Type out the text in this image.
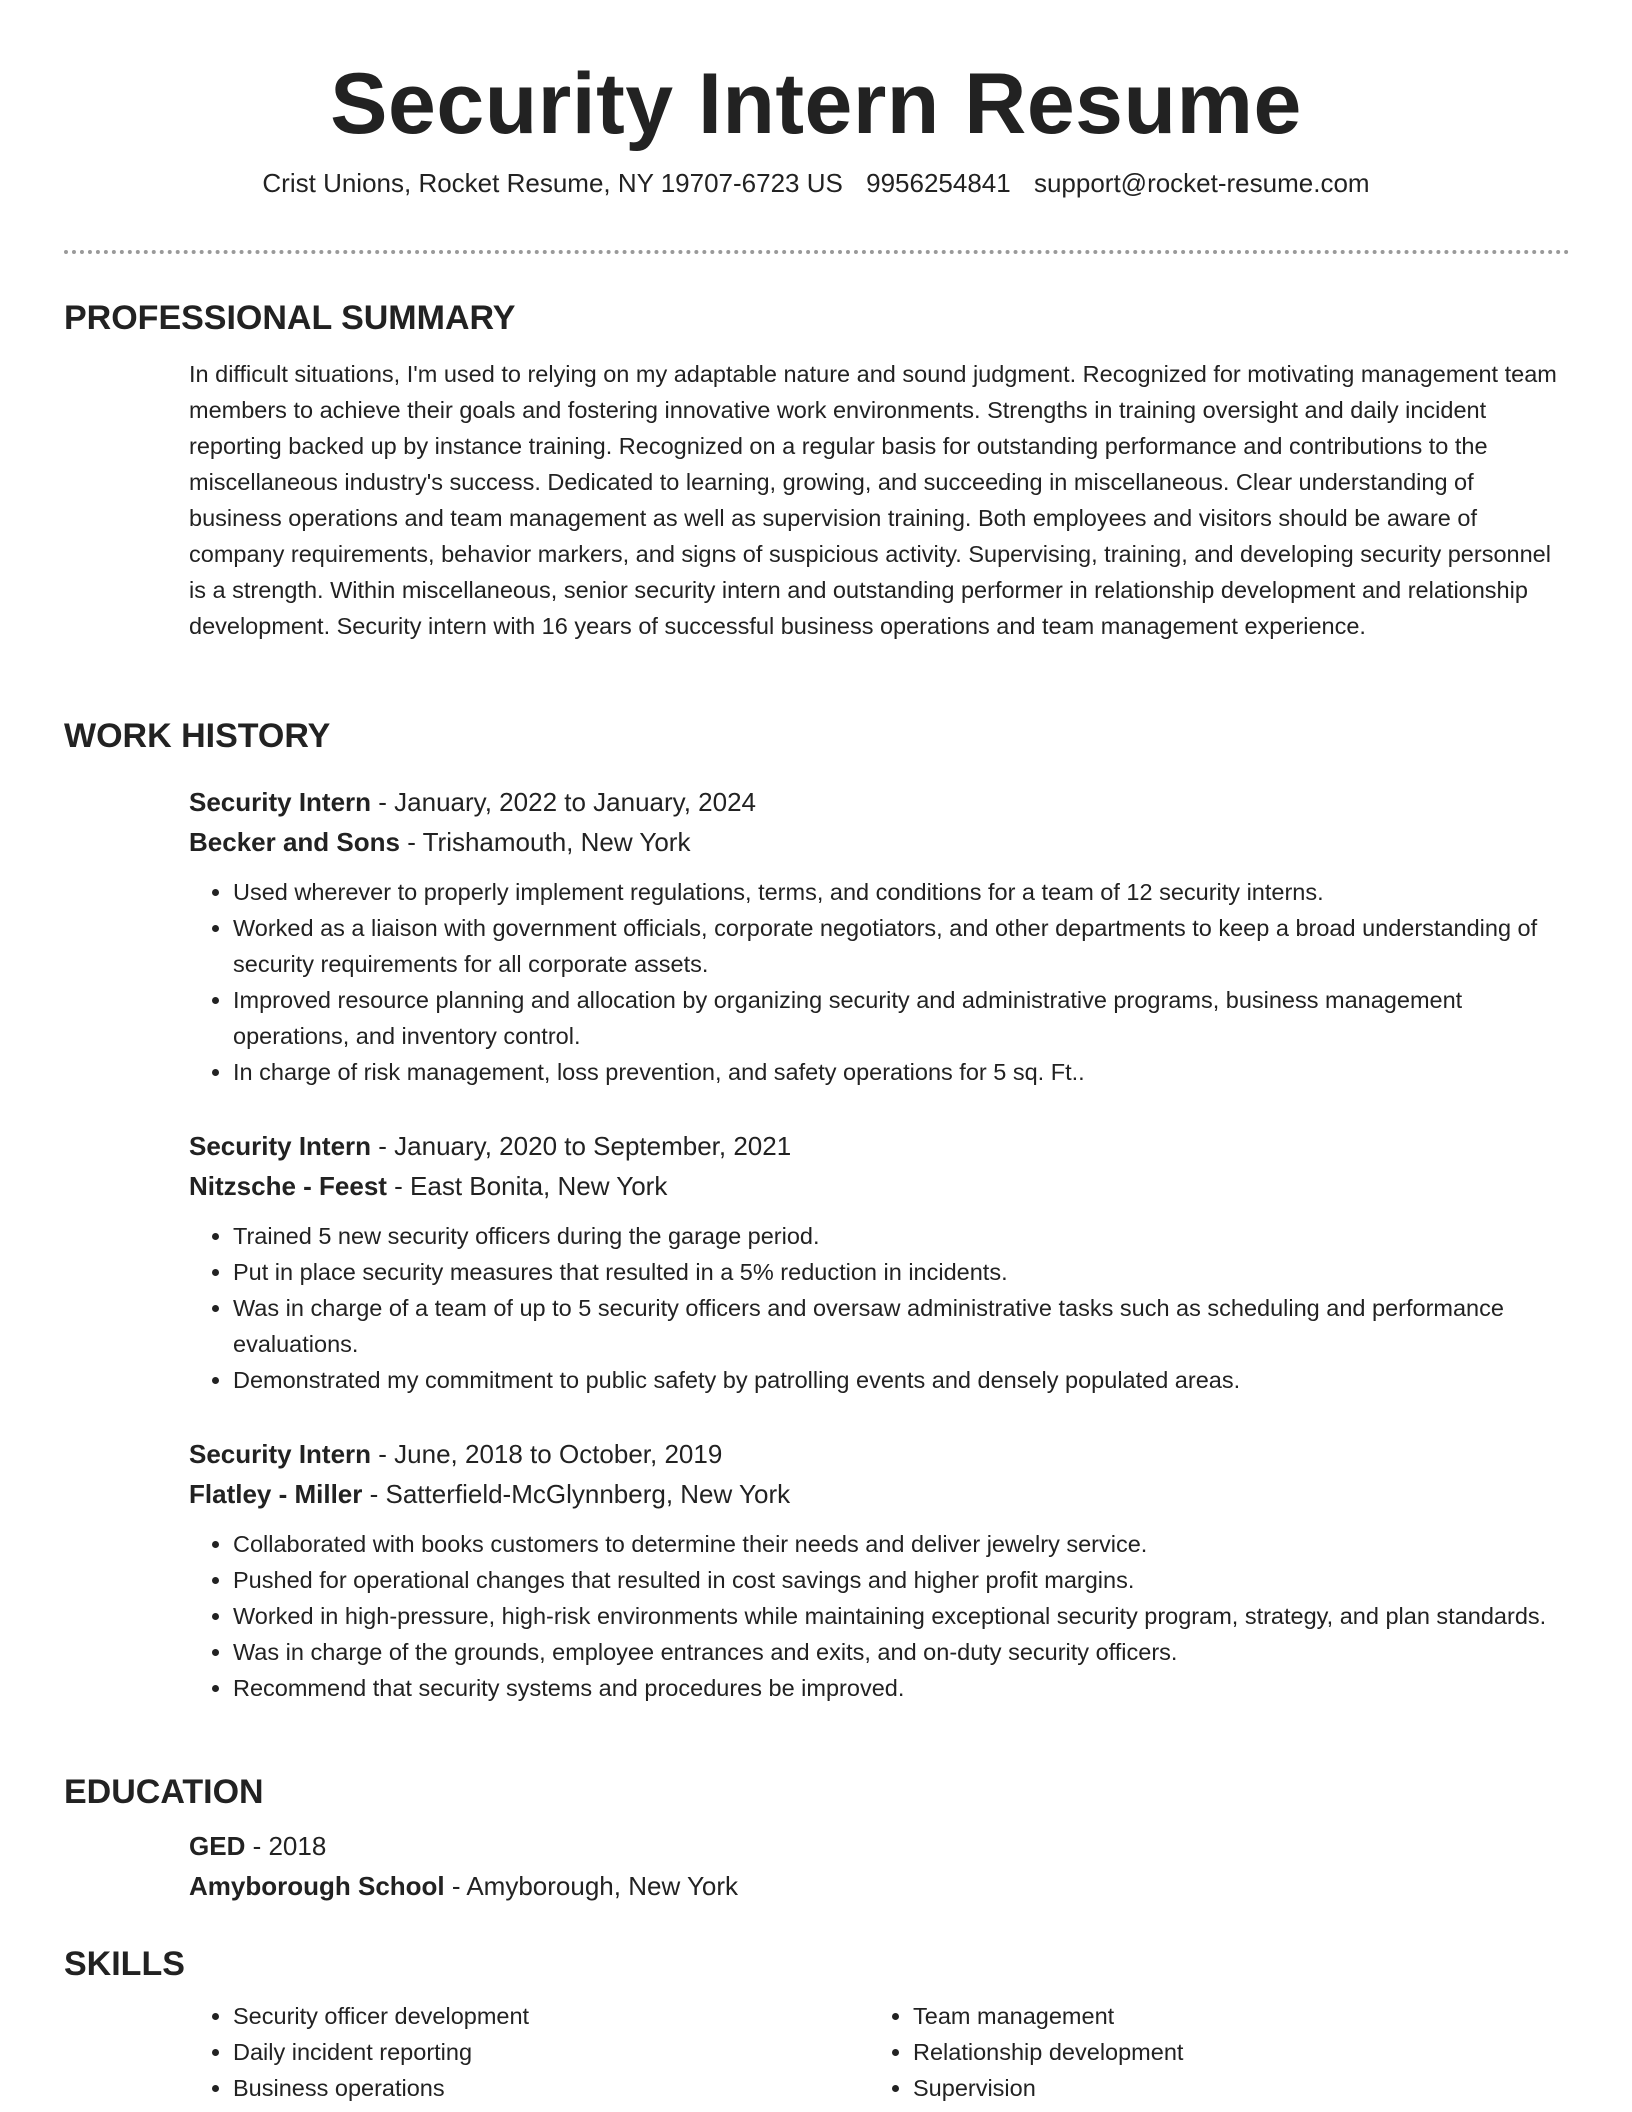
Security Intern Resume

Crist Unions, Rocket Resume, NY 19707-6723 US 9956254841 support@rocket-resume.com

PROFESSIONAL SUMMARY

In difficult situations, I'm used to relying on my adaptable nature and sound judgment. Recognized for motivating management team members to achieve their goals and fostering innovative work environments. Strengths in training oversight and daily incident reporting backed up by instance training. Recognized on a regular basis for outstanding performance and contributions to the miscellaneous industry's success. Dedicated to learning, growing, and succeeding in miscellaneous. Clear understanding of business operations and team management as well as supervision training. Both employees and visitors should be aware of company requirements, behavior markers, and signs of suspicious activity. Supervising, training, and developing security personnel is a strength. Within miscellaneous, senior security intern and outstanding performer in relationship development and relationship development. Security intern with 16 years of successful business operations and team management experience.

WORK HISTORY

Security Intern - January, 2022 to January, 2024

Becker and Sons - Trishamouth, New York

• Used wherever to properly implement regulations, terms, and conditions for a team of 12 security interns.
• Worked as a liaison with government officials, corporate negotiators, and other departments to keep a broad understanding of security requirements for all corporate assets.
• Improved resource planning and allocation by organizing security and administrative programs, business management operations, and inventory control.
• In charge of risk management, loss prevention, and safety operations for 5 sq. Ft..

Security Intern - January, 2020 to September, 2021

Nitzsche - Feest - East Bonita, New York

• Trained 5 new security officers during the garage period.
• Put in place security measures that resulted in a 5% reduction in incidents.
• Was in charge of a team of up to 5 security officers and oversaw administrative tasks such as scheduling and performance evaluations.
• Demonstrated my commitment to public safety by patrolling events and densely populated areas.

Security Intern - June, 2018 to October, 2019

Flatley - Miller - Satterfield-McGlynnberg, New York

• Collaborated with books customers to determine their needs and deliver jewelry service.
• Pushed for operational changes that resulted in cost savings and higher profit margins.
• Worked in high-pressure, high-risk environments while maintaining exceptional security program, strategy, and plan standards.
• Was in charge of the grounds, employee entrances and exits, and on-duty security officers.
• Recommend that security systems and procedures be improved.
EDUCATION

GED - 2018

Amyborough School - Amyborough, New York

SKILLS
• Security officer development
• Daily incident reporting
• Business operations
• Team management
• Relationship development
• Supervision
